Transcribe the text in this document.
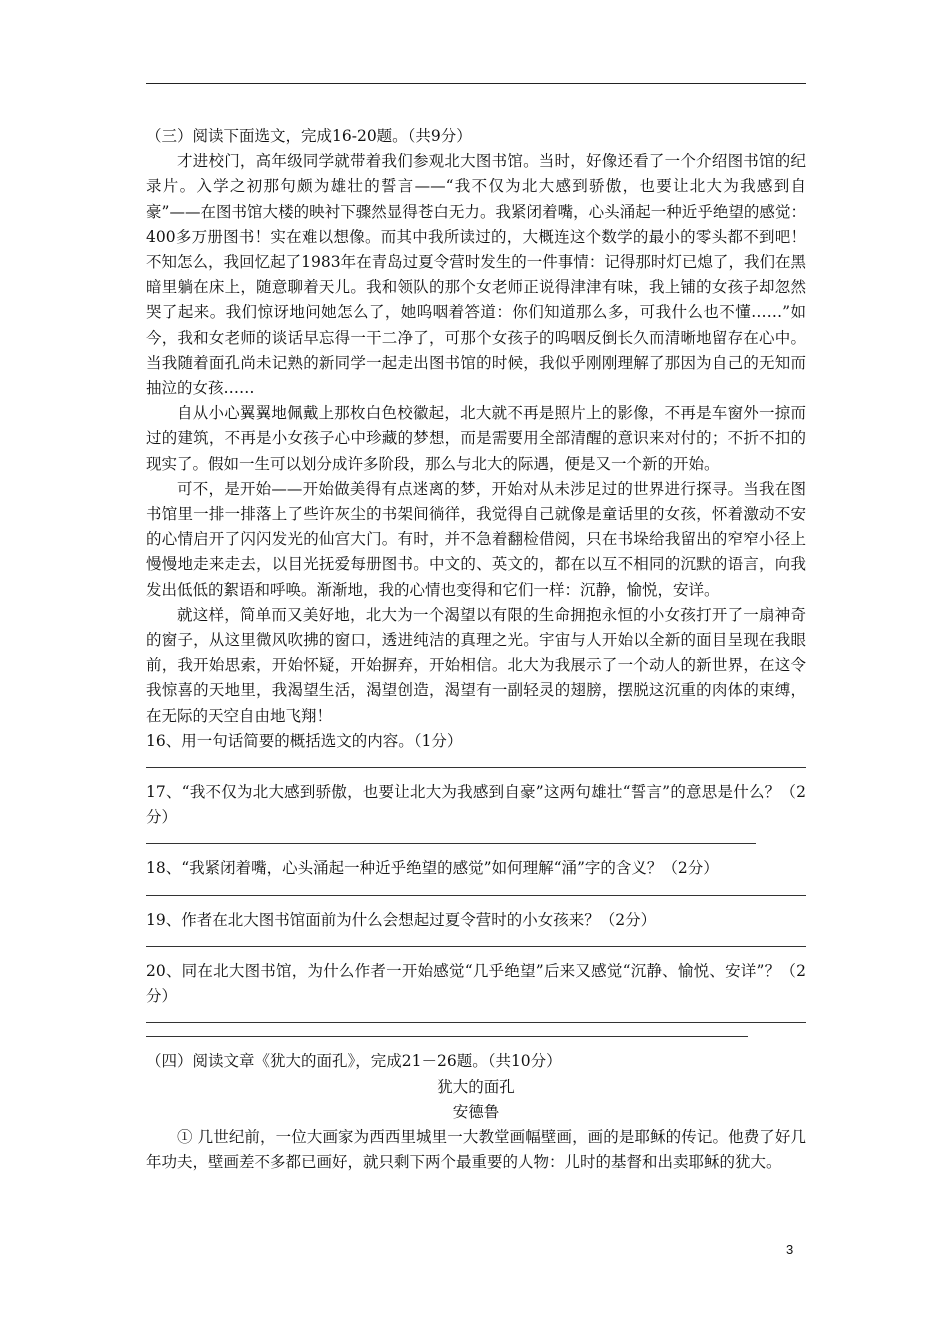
（三）阅读下面选文，完成16-20题。（共9分）

才进校门，高年级同学就带着我们参观北大图书馆。当时，好像还看了一个介绍图书馆的纪录片。入学之初那句颇为雄壮的誓言——“我不仅为北大感到骄傲，也要让北大为我感到自豪”——在图书馆大楼的映衬下骤然显得苍白无力。我紧闭着嘴，心头涌起一种近乎绝望的感觉：400多万册图书！实在难以想像。而其中我所读过的，大概连这个数学的最小的零头都不到吧！不知怎么，我回忆起了1983年在青岛过夏令营时发生的一件事情：记得那时灯已熄了，我们在黑暗里躺在床上，随意聊着天儿。我和领队的那个女老师正说得津津有味，我上铺的女孩子却忽然哭了起来。我们惊讶地问她怎么了，她呜咽着答道：你们知道那么多，可我什么也不懂……”如今，我和女老师的谈话早忘得一干二净了，可那个女孩子的呜咽反倒长久而清晰地留存在心中。当我随着面孔尚未记熟的新同学一起走出图书馆的时候，我似乎刚刚理解了那因为自己的无知而抽泣的女孩……

自从小心翼翼地佩戴上那枚白色校徽起，北大就不再是照片上的影像，不再是车窗外一掠而过的建筑，不再是小女孩子心中珍藏的梦想，而是需要用全部清醒的意识来对付的；不折不扣的现实了。假如一生可以划分成许多阶段，那么与北大的际遇，便是又一个新的开始。

可不，是开始——开始做美得有点迷离的梦，开始对从未涉足过的世界进行探寻。当我在图书馆里一排一排落上了些许灰尘的书架间徜徉，我觉得自己就像是童话里的女孩，怀着激动不安的心情启开了闪闪发光的仙宫大门。有时，并不急着翻检借阅，只在书垛给我留出的窄窄小径上慢慢地走来走去，以目光抚爱每册图书。中文的、英文的，都在以互不相同的沉默的语言，向我发出低低的絮语和呼唤。渐渐地，我的心情也变得和它们一样：沉静，愉悦，安详。

就这样，简单而又美好地，北大为一个渴望以有限的生命拥抱永恒的小女孩打开了一扇神奇的窗子，从这里微风吹拂的窗口，透进纯洁的真理之光。宇宙与人开始以全新的面目呈现在我眼前，我开始思索，开始怀疑，开始摒弃，开始相信。北大为我展示了一个动人的新世界，在这令我惊喜的天地里，我渴望生活，渴望创造，渴望有一副轻灵的翅膀，摆脱这沉重的肉体的束缚，在无际的天空自由地飞翔！

16、用一句话简要的概括选文的内容。（1分）

17、“我不仅为北大感到骄傲，也要让北大为我感到自豪”这两句雄壮“誓言”的意思是什么？（2分）

18、“我紧闭着嘴，心头涌起一种近乎绝望的感觉”如何理解“涌”字的含义？（2分）

19、作者在北大图书馆面前为什么会想起过夏令营时的小女孩来？（2分）

20、同在北大图书馆，为什么作者一开始感觉“几乎绝望”后来又感觉“沉静、愉悦、安详”？（2分）

（四）阅读文章《犹大的面孔》，完成21－26题。（共10分）

犹大的面孔

安德鲁

① 几世纪前，一位大画家为西西里城里一大教堂画幅壁画，画的是耶稣的传记。他费了好几年功夫，壁画差不多都已画好，就只剩下两个最重要的人物：儿时的基督和出卖耶稣的犹大。

3
